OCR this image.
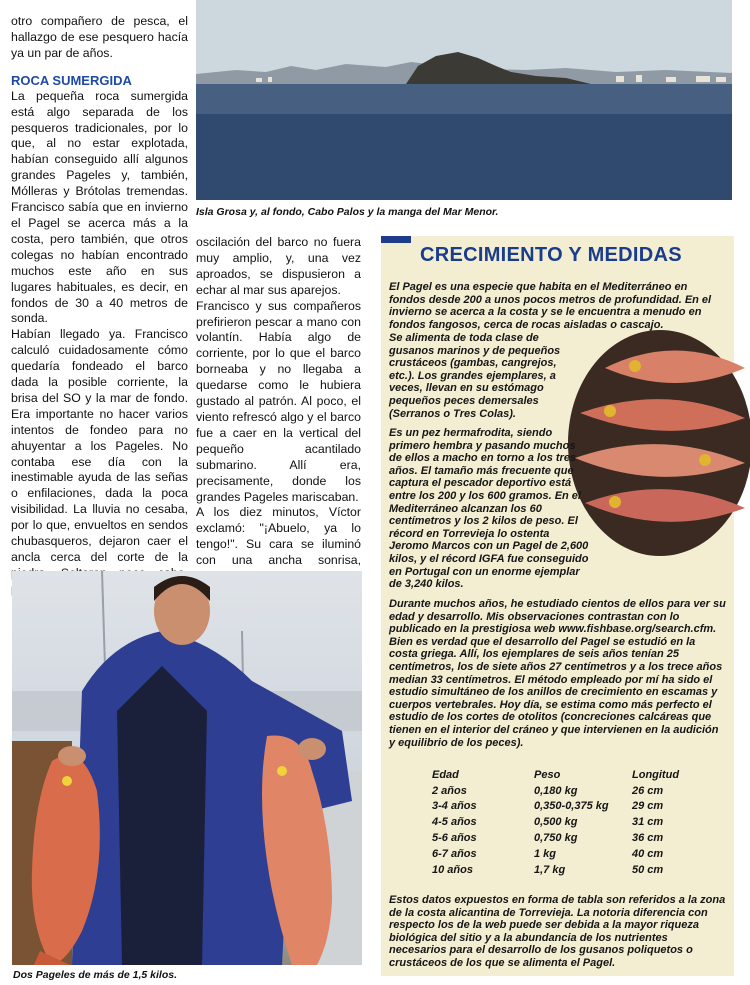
Isla Grosa y, al fondo, Cabo Palos y la manga del Mar Menor.

otro compañero de pesca, el hallazgo de ese pesquero hacía ya un par de años.

ROCA SUMERGIDA

La pequeña roca sumergida está algo separada de los pesqueros tradicionales, por lo que, al no estar explotada, habían conseguido allí algunos grandes Pageles y, también, Mólleras y Brótolas tremendas. Francisco sabía que en invierno el Pagel se acerca más a la costa, pero también, que otros colegas no habían encontrado muchos este año en sus lugares habituales, es decir, en fondos de 30 a 40 metros de sonda.

Habían llegado ya. Francisco calculó cuidadosamente cómo quedaría fondeado el barco dada la posible corriente, la brisa del SO y la mar de fondo. Era importante no hacer varios intentos de fondeo para no ahuyentar a los Pageles. No contaba ese día con la inestimable ayuda de las señas o enfilaciones, dada la poca visibilidad. La lluvia no cesaba, por lo que, envueltos en sendos chubasqueros, dejaron caer el ancla cerca del corte de la

oscilación del barco no fuera muy amplio, y, una vez aproados, se dispusieron a echar al mar sus aparejos.

Francisco y sus compañeros prefirieron pescar a mano con volantín. Había algo de corriente, por lo que el barco borneaba y no llegaba a quedarse como le hubiera gustado al patrón. Al poco, el viento refrescó algo y el barco fue a caer en la vertical del pequeño acantilado submarino. Allí era, precisamente, donde los grandes Pageles mariscaban.

A los diez minutos, Víctor exclamó: "¡Abuelo, ya lo tengo!". Su cara se iluminó con una ancha sonrisa,

Dos Pageles de más de 1,5 kilos.
CRECIMIENTO Y MEDIDAS
El Pagel es una especie que habita en el Mediterráneo en fondos desde 200 a unos pocos metros de profundidad. En el invierno se acerca a la costa y se le encuentra a menudo en fondos fangosos, cerca de rocas aisladas o cascajo.
Se alimenta de toda clase de gusanos marinos y de pequeños crustáceos (gambas, cangrejos, etc.). Los grandes ejemplares, a veces, llevan en su estómago pequeños peces demersales (Serranos o Tres Colas).
Es un pez hermafrodita, siendo primero hembra y pasando muchos de ellos a macho en torno a los tres años. El tamaño más frecuente que captura el pescador deportivo está entre los 200 y los 600 gramos. En el Mediterráneo alcanzan los 60 centímetros y los 2 kilos de peso. El récord en Torrevieja lo ostenta Jeromo Marcos con un Pagel de 2,600 kilos, y el récord IGFA fue conseguido en Portugal con un enorme ejemplar de 3,240 kilos.
Durante muchos años, he estudiado cientos de ellos para ver su edad y desarrollo. Mis observaciones contrastan con lo publicado en la prestigiosa web www.fishbase.org/search.cfm. Bien es verdad que el desarrollo del Pagel se estudió en la costa griega. Allí, los ejemplares de seis años tenían 25 centímetros, los de siete años 27 centímetros y a los trece años median 33 centímetros. El método empleado por mí ha sido el estudio simultáneo de los anillos de crecimiento en escamas y cuerpos vertebrales. Hoy día, se estima como más perfecto el estudio de los cortes de otolitos (concreciones calcáreas que tienen en el interior del cráneo y que intervienen en la audición y equilibrio de los peces).
Edad	Peso	Longitud
2 años	0,180 kg	26 cm
3-4 años	0,350-0,375 kg	29 cm
4-5 años	0,500 kg	31 cm
5-6 años	0,750 kg	36 cm
6-7 años	1 kg	40 cm
10 años	1,7 kg	50 cm
Estos datos expuestos en forma de tabla son referidos a la zona de la costa alicantina de Torrevieja. La notoria diferencia con respecto los de la web puede ser debida a la mayor riqueza biológica del sitio y a la abundancia de los nutrientes necesarios para el desarrollo de los gusanos poliquetos o crustáceos de los que se alimenta el Pagel.
